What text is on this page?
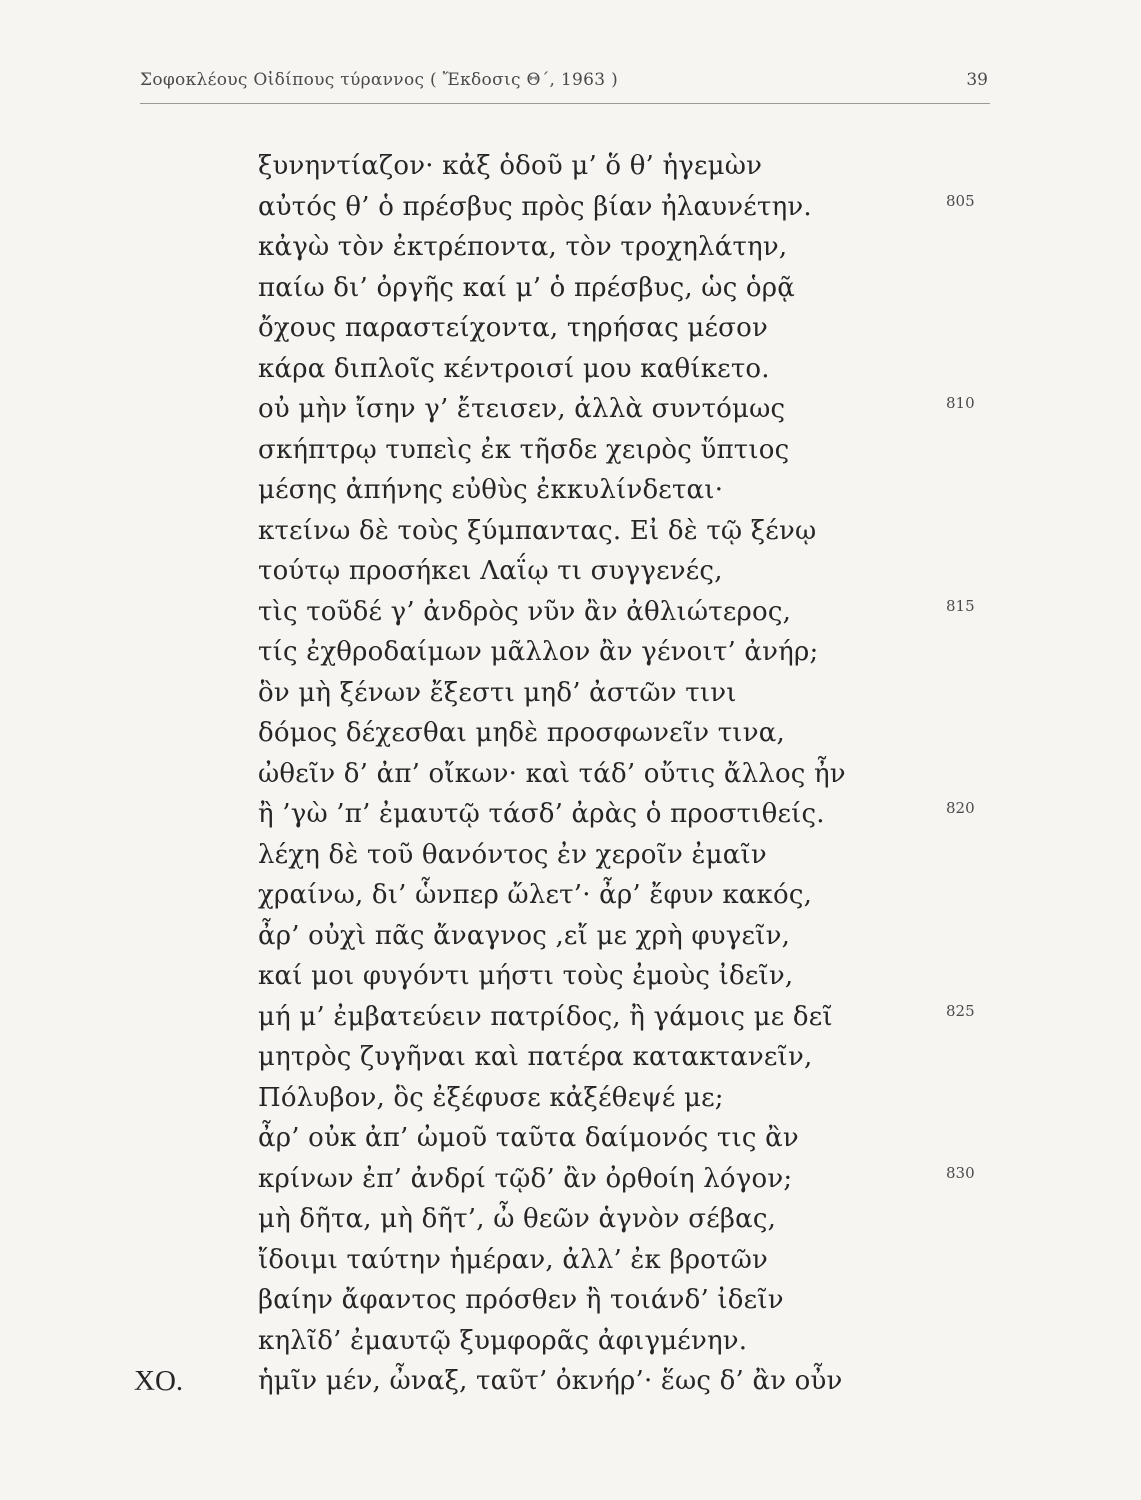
Σοφοκλέους Οἰδίπους τύραννος ( Ἔκδοσις Θ΄, 1963 )	39
ξυνηντίαζον· κἀξ ὁδοῦ μ’ ὅ θ’ ἡγεμὼν
αὐτός θ’ ὁ πρέσβυς πρὸς βίαν ἠλαυνέτην.	805
κἀγὼ τὸν ἐκτρέποντα, τὸν τροχηλάτην,
παίω δι’ ὀργῆς καί μ’ ὁ πρέσβυς, ὡς ὁρᾷ
ὄχους παραστείχοντα, τηρήσας μέσον
κάρα διπλοῖς κέντροισί μου καθίκετο.
οὐ μὴν ἴσην γ’ ἔτεισεν, ἀλλὰ συντόμως	810
σκήπτρῳ τυπεὶς ἐκ τῆσδε χειρὸς ὕπτιος
μέσης ἀπήνης εὐθὺς ἐκκυλίνδεται·
κτείνω δὲ τοὺς ξύμπαντας. Εἰ δὲ τῷ ξένῳ
τούτῳ προσήκει Λαΐῳ τι συγγενές,
τὶς τοῦδέ γ’ ἀνδρὸς νῦν ἂν ἀθλιώτερος,	815
τίς ἐχθροδαίμων μᾶλλον ἂν γένοιτ’ ἀνήρ;
ὃν μὴ ξένων ἔξεστι μηδ’ ἀστῶν τινι
δόμος δέχεσθαι μηδὲ προσφωνεῖν τινα,
ὠθεῖν δ’ ἀπ’ οἴκων· καὶ τάδ’ οὔτις ἄλλος ἦν
ἢ ’γὼ ’π’ ἐμαυτῷ τάσδ’ ἀρὰς ὁ προστιθείς.	820
λέχη δὲ τοῦ θανόντος ἐν χεροῖν ἐμαῖν
χραίνω, δι’ ὧνπερ ὤλετ’· ἆρ’ ἔφυν κακός,
ἆρ’ οὐχὶ πᾶς ἄναγνος ,εἴ με χρὴ φυγεῖν,
καί μοι φυγόντι μήστι τοὺς ἐμοὺς ἰδεῖν,
μή μ’ ἐμβατεύειν πατρίδος, ἢ γάμοις με δεῖ	825
μητρὸς ζυγῆναι καὶ πατέρα κατακτανεῖν,
Πόλυβον, ὃς ἐξέφυσε κἀξέθεψέ με;
ἆρ’ οὐκ ἀπ’ ὠμοῦ ταῦτα δαίμονός τις ἂν
κρίνων ἐπ’ ἀνδρί τῷδ’ ἂν ὀρθοίη λόγον;	830
μὴ δῆτα, μὴ δῆτ’, ὦ θεῶν ἁγνὸν σέβας,
ἴδοιμι ταύτην ἡμέραν, ἀλλ’ ἐκ βροτῶν
βαίην ἄφαντος πρόσθεν ἢ τοιάνδ’ ἰδεῖν
κηλῖδ’ ἐμαυτῷ ξυμφορᾶς ἀφιγμένην.
ἡμῖν μέν, ὦναξ, ταῦτ’ ὀκνήρ’· ἕως δ’ ἂν οὖν
ΧΟ.
